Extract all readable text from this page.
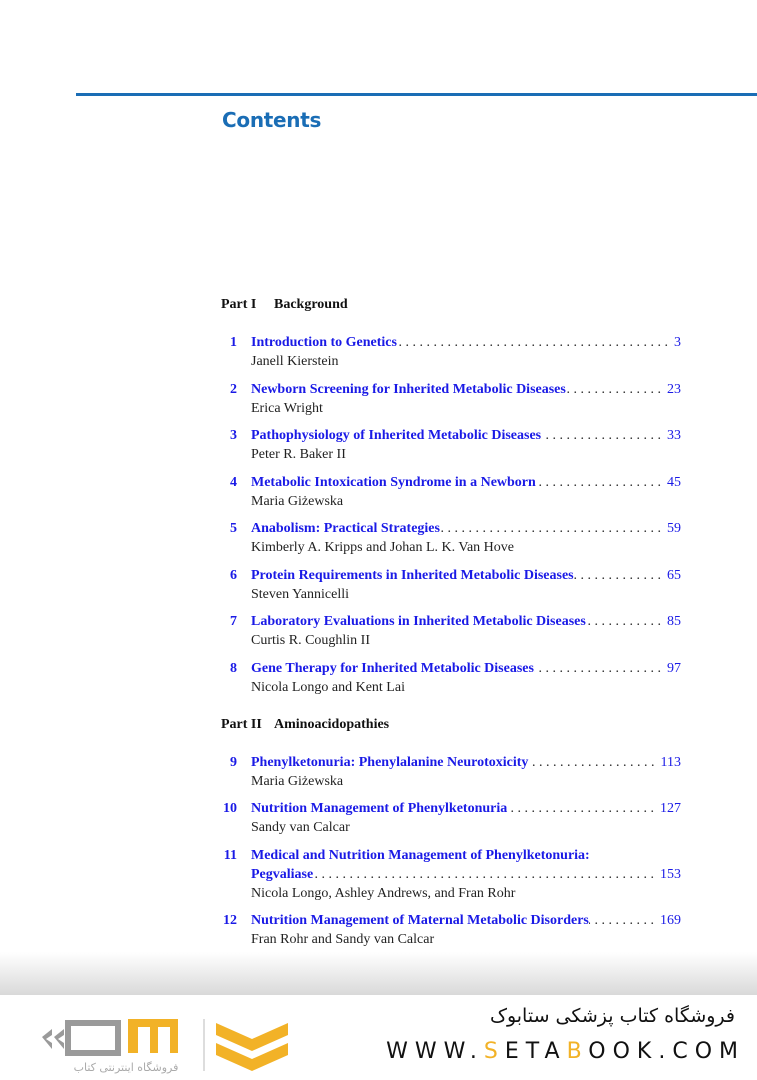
Contents
Part I Background
1 Introduction to Genetics . . .	3
Janell Kierstein
2 Newborn Screening for Inherited Metabolic Diseases . . .	23
Erica Wright
3 Pathophysiology of Inherited Metabolic Diseases . . .	33
Peter R. Baker II
4 Metabolic Intoxication Syndrome in a Newborn . . .	45
Maria Giżewska
5 Anabolism: Practical Strategies . . .	59
Kimberly A. Kripps and Johan L. K. Van Hove
6 Protein Requirements in Inherited Metabolic Diseases . . .	65
Steven Yannicelli
7 Laboratory Evaluations in Inherited Metabolic Diseases . . .	85
Curtis R. Coughlin II
8 Gene Therapy for Inherited Metabolic Diseases . . .	97
Nicola Longo and Kent Lai
Part II Aminoacidopathies
9 Phenylketonuria: Phenylalanine Neurotoxicity . . .	113
Maria Giżewska
10 Nutrition Management of Phenylketonuria . . .	127
Sandy van Calcar
11 Medical and Nutrition Management of Phenylketonuria:
Pegvaliase . . .	153
Nicola Longo, Ashley Andrews, and Fran Rohr
12 Nutrition Management of Maternal Metabolic Disorders . . .	169
Fran Rohr and Sandy van Calcar
فروشگاه اینترنتی کتاب
فروشگاه کتاب پزشکی ستابوک
WWW.SETABOOK.COM
